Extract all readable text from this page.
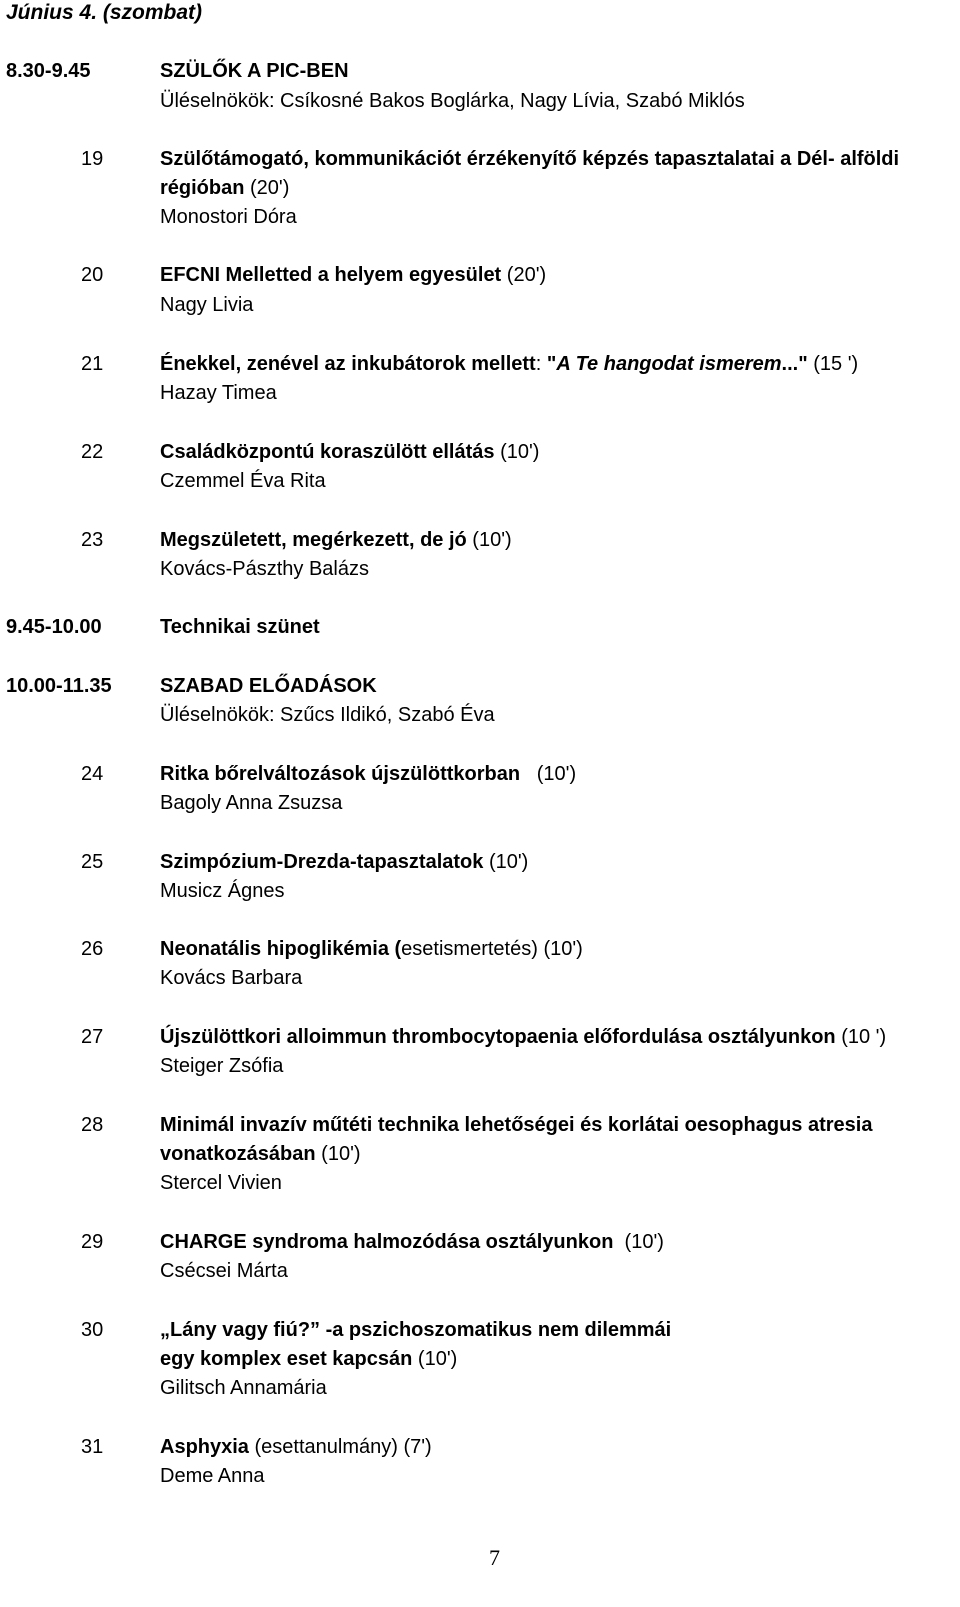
Június 4. (szombat)
8.30-9.45	SZÜLŐK A PIC-BEN
Üléselnökök: Csíkosné Bakos Boglárka, Nagy Lívia, Szabó Miklós
19	Szülőtámogató, kommunikációt érzékenyítő képzés tapasztalatai a Dél- alföldi
régióban (20')
Monostori Dóra
20	EFCNI Melletted a helyem egyesület (20')
Nagy Livia
21	Énekkel, zenével az inkubátorok mellett: "A Te hangodat ismerem..." (15 ')
Hazay Timea
22	Családközpontú koraszülött ellátás (10')
Czemmel Éva Rita
23	Megszületett, megérkezett, de jó (10')
Kovács-Pászthy Balázs
9.45-10.00	Technikai szünet
10.00-11.35 SZABAD ELŐADÁSOK
Üléselnökök: Szűcs Ildikó, Szabó Éva
24	Ritka bőrelváltozások újszülöttkorban   (10')
Bagoly Anna Zsuzsa
25	Szimpózium-Drezda-tapasztalatok (10')
Musicz Ágnes
26	Neonatális hipoglikémia (esetismertetés) (10')
Kovács Barbara
27	Újszülöttkori alloimmun thrombocytopaenia előfordulása osztályunkon (10 ')
Steiger Zsófia
28	Minimál invazív műtéti technika lehetőségei és korlátai oesophagus atresia
vonatkozásában (10')
Stercel Vivien
29	CHARGE syndroma halmozódása osztályunkon  (10')
Csécsei Márta
30	„Lány vagy fiú?” -a pszichoszomatikus nem dilemmái
egy komplex eset kapcsán (10')
Gilitsch Annamária
31	Asphyxia (esettanulmány) (7')
Deme Anna
7
